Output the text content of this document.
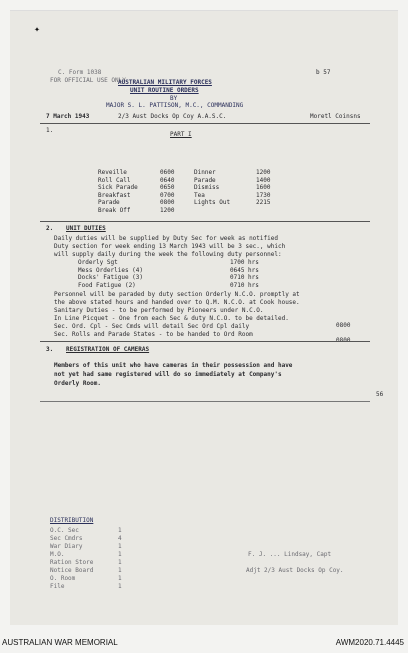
C. Form 1038
FOR OFFICIAL USE ONLY
b 57
AUSTRALIAN MILITARY FORCES
UNIT ROUTINE ORDERS
BY
MAJOR S. L. PATTISON, M.C., COMMANDING
7 March 1943	2/3 Aust Docks Op Coy A.A.S.C.	Moretl Coinsns
1.
PART I
Reveille	0600	Dinner	1200
Roll Call	0640	Parade	1400
Sick Parade	0650	Dismiss	1600
Breakfast	0700	Tea	1730
Parade	0800	Lights Out	2215
Break Off	1200
2. UNIT DUTIES
Daily duties will be supplied by Duty Sec for week as notified
Duty section for week ending 13 March 1943 will be 3 sec., which
will supply daily during the week the following duty personnel:
Orderly Sgt	1700 hrs
Mess Orderlies (4)	0645 hrs
Docks' Fatigue (3)	0710 hrs
Food Fatigue (2)	0710 hrs
Personnel will be paraded by duty section Orderly N.C.O. promptly at
the above stated hours and handed over to Q.M. N.C.O. at Cook house.
Sanitary Duties - to be performed by Pioneers under N.C.O.
In Line Picquet - One from each Sec & duty N.C.O. to be detailed.
Sec. Ord. Cpl - Sec Cmds will detail Sec Ord Cpl daily
Sec. Rolls and Parade States - to be handed to Ord Room
0800
0800
3. REGISTRATION OF CAMERAS
Members of this unit who have cameras in their possession and have
not yet had same registered will do so immediately at Company's
Orderly Room.
56
DISTRIBUTION
O.C. Sec	1
Sec Cmdrs	4
War Diary	1
M.O.	1
Ration Store	1
Notice Board	1
O. Room	1
File	1
F. J. ... Lindsay, Capt
Adjt 2/3 Aust Docks Op Coy.
✦
AUSTRALIAN WAR MEMORIAL	AWM2020.71.4445
